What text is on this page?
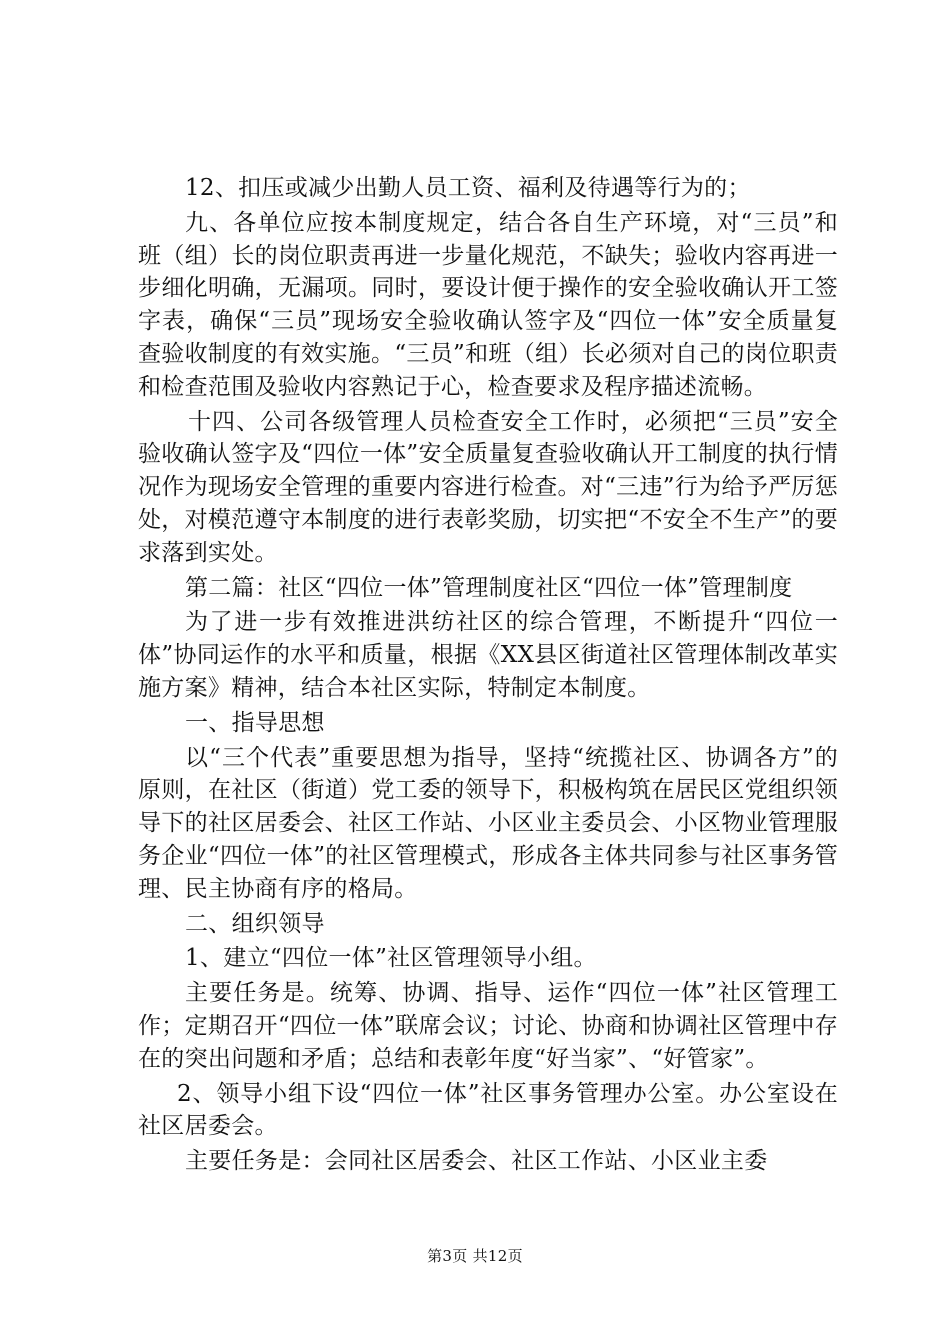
12、扣压或减少出勤人员工资、福利及待遇等行为的；

九、各单位应按本制度规定，结合各自生产环境，对“三员”和班（组）长的岗位职责再进一步量化规范，不缺失；验收内容再进一步细化明确，无漏项。同时，要设计便于操作的安全验收确认开工签字表，确保“三员”现场安全验收确认签字及“四位一体”安全质量复查验收制度的有效实施。“三员”和班（组）长必须对自己的岗位职责和检查范围及验收内容熟记于心，检查要求及程序描述流畅。

十四、公司各级管理人员检查安全工作时，必须把“三员”安全验收确认签字及“四位一体”安全质量复查验收确认开工制度的执行情况作为现场安全管理的重要内容进行检查。对“三违”行为给予严厉惩处，对模范遵守本制度的进行表彰奖励，切实把“不安全不生产”的要求落到实处。

第二篇：社区“四位一体”管理制度社区“四位一体”管理制度

为了进一步有效推进洪纺社区的综合管理，不断提升“四位一体”协同运作的水平和质量，根据《XX县区街道社区管理体制改革实施方案》精神，结合本社区实际，特制定本制度。

一、指导思想

以“三个代表”重要思想为指导，坚持“统揽社区、协调各方”的原则，在社区（街道）党工委的领导下，积极构筑在居民区党组织领导下的社区居委会、社区工作站、小区业主委员会、小区物业管理服务企业“四位一体”的社区管理模式，形成各主体共同参与社区事务管理、民主协商有序的格局。

二、组织领导

1、建立“四位一体”社区管理领导小组。

主要任务是。统筹、协调、指导、运作“四位一体”社区管理工作；定期召开“四位一体”联席会议；讨论、协商和协调社区管理中存在的突出问题和矛盾；总结和表彰年度“好当家”、“好管家”。

2、领导小组下设“四位一体”社区事务管理办公室。办公室设在社区居委会。

主要任务是：会同社区居委会、社区工作站、小区业主委

第3页 共12页
